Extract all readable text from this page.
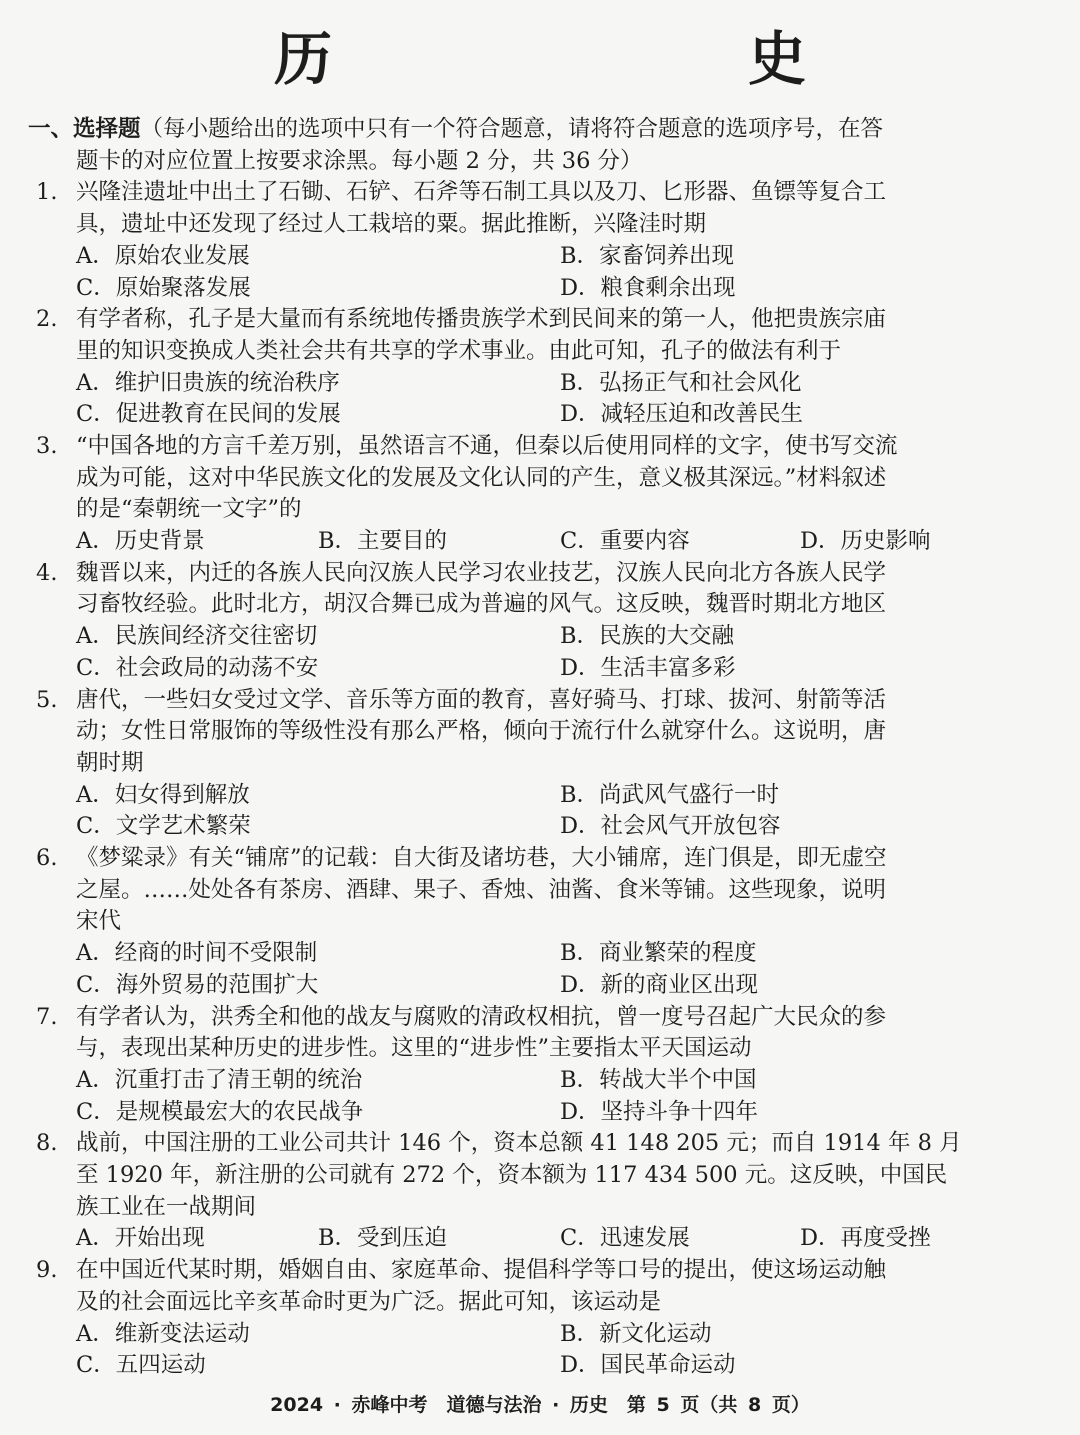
历　　史
一、选择题（每小题给出的选项中只有一个符合题意，请将符合题意的选项序号，在答
题卡的对应位置上按要求涂黑。每小题 2 分，共 36 分）
1. 兴隆洼遗址中出土了石锄、石铲、石斧等石制工具以及刀、匕形器、鱼镖等复合工
具，遗址中还发现了经过人工栽培的粟。据此推断，兴隆洼时期
A．原始农业发展	B．家畜饲养出现
C．原始聚落发展	D．粮食剩余出现
2. 有学者称，孔子是大量而有系统地传播贵族学术到民间来的第一人，他把贵族宗庙
里的知识变换成人类社会共有共享的学术事业。由此可知，孔子的做法有利于
A．维护旧贵族的统治秩序	B．弘扬正气和社会风化
C．促进教育在民间的发展	D．减轻压迫和改善民生
3. “中国各地的方言千差万别，虽然语言不通，但秦以后使用同样的文字，使书写交流
成为可能，这对中华民族文化的发展及文化认同的产生，意义极其深远。”材料叙述
的是“秦朝统一文字”的
A．历史背景	B．主要目的	C．重要内容	D．历史影响
4. 魏晋以来，内迁的各族人民向汉族人民学习农业技艺，汉族人民向北方各族人民学
习畜牧经验。此时北方，胡汉合舞已成为普遍的风气。这反映，魏晋时期北方地区
A．民族间经济交往密切	B．民族的大交融
C．社会政局的动荡不安	D．生活丰富多彩
5. 唐代，一些妇女受过文学、音乐等方面的教育，喜好骑马、打球、拔河、射箭等活
动；女性日常服饰的等级性没有那么严格，倾向于流行什么就穿什么。这说明，唐
朝时期
A．妇女得到解放	B．尚武风气盛行一时
C．文学艺术繁荣	D．社会风气开放包容
6. 《梦粱录》有关“铺席”的记载：自大街及诸坊巷，大小铺席，连门俱是，即无虚空
之屋。……处处各有茶房、酒肆、果子、香烛、油酱、食米等铺。这些现象，说明
宋代
A．经商的时间不受限制	B．商业繁荣的程度
C．海外贸易的范围扩大	D．新的商业区出现
7. 有学者认为，洪秀全和他的战友与腐败的清政权相抗，曾一度号召起广大民众的参
与，表现出某种历史的进步性。这里的“进步性”主要指太平天国运动
A．沉重打击了清王朝的统治	B．转战大半个中国
C．是规模最宏大的农民战争	D．坚持斗争十四年
8. 战前，中国注册的工业公司共计 146 个，资本总额 41 148 205 元；而自 1914 年 8 月
至 1920 年，新注册的公司就有 272 个，资本额为 117 434 500 元。这反映，中国民
族工业在一战期间
A．开始出现	B．受到压迫	C．迅速发展	D．再度受挫
9. 在中国近代某时期，婚姻自由、家庭革命、提倡科学等口号的提出，使这场运动触
及的社会面远比辛亥革命时更为广泛。据此可知，该运动是
A．维新变法运动	B．新文化运动
C．五四运动	D．国民革命运动
2024 · 赤峰中考　道德与法治 · 历史　第 5 页（共 8 页）
